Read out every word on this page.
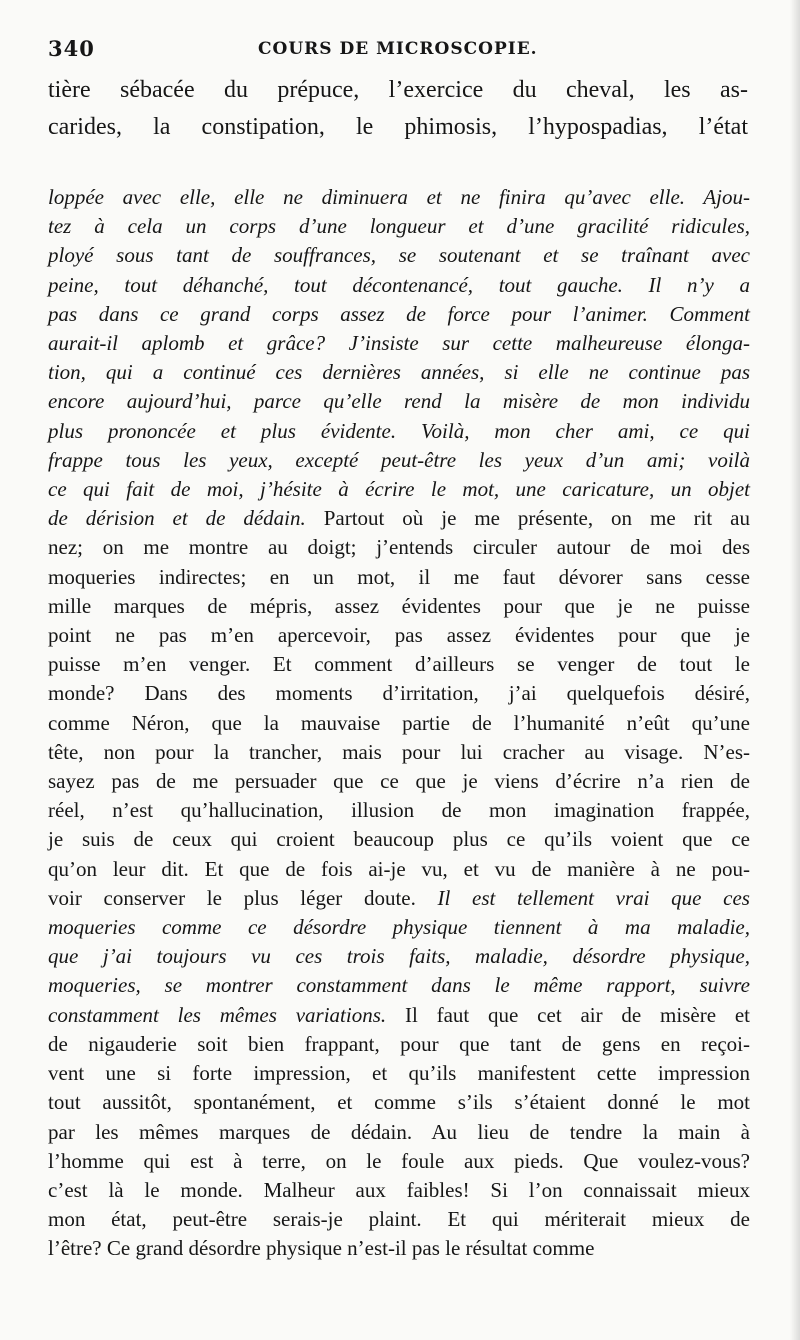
340	COURS DE MICROSCOPIE.

tière sébacée du prépuce, l’exercice du cheval, les as-
carides, la constipation, le phimosis, l’hypospadias, l’état

loppée avec elle, elle ne diminuera et ne finira qu’avec elle. Ajou-
tez à cela un corps d’une longueur et d’une gracilité ridicules,
ployé sous tant de souffrances, se soutenant et se traînant avec
peine, tout déhanché, tout décontenancé, tout gauche. Il n’y a
pas dans ce grand corps assez de force pour l’animer. Comment
aurait-il aplomb et grâce? J’insiste sur cette malheureuse élonga-
tion, qui a continué ces dernières années, si elle ne continue pas
encore aujourd’hui, parce qu’elle rend la misère de mon individu
plus prononcée et plus évidente. Voilà, mon cher ami, ce qui
frappe tous les yeux, excepté peut-être les yeux d’un ami; voilà
ce qui fait de moi, j’hésite à écrire le mot, une caricature, un objet
de dérision et de dédain. Partout où je me présente, on me rit au
nez; on me montre au doigt; j’entends circuler autour de moi des
moqueries indirectes; en un mot, il me faut dévorer sans cesse
mille marques de mépris, assez évidentes pour que je ne puisse
point ne pas m’en apercevoir, pas assez évidentes pour que je
puisse m’en venger. Et comment d’ailleurs se venger de tout le
monde? Dans des moments d’irritation, j’ai quelquefois désiré,
comme Néron, que la mauvaise partie de l’humanité n’eût qu’une
tête, non pour la trancher, mais pour lui cracher au visage. N’es-
sayez pas de me persuader que ce que je viens d’écrire n’a rien de
réel, n’est qu’hallucination, illusion de mon imagination frappée,
je suis de ceux qui croient beaucoup plus ce qu’ils voient que ce
qu’on leur dit. Et que de fois ai-je vu, et vu de manière à ne pou-
voir conserver le plus léger doute. Il est tellement vrai que ces
moqueries comme ce désordre physique tiennent à ma maladie,
que j’ai toujours vu ces trois faits, maladie, désordre physique,
moqueries, se montrer constamment dans le même rapport, suivre
constamment les mêmes variations. Il faut que cet air de misère et
de nigauderie soit bien frappant, pour que tant de gens en reçoi-
vent une si forte impression, et qu’ils manifestent cette impression
tout aussitôt, spontanément, et comme s’ils s’étaient donné le mot
par les mêmes marques de dédain. Au lieu de tendre la main à
l’homme qui est à terre, on le foule aux pieds. Que voulez-vous?
c’est là le monde. Malheur aux faibles! Si l’on connaissait mieux
mon état, peut-être serais-je plaint. Et qui mériterait mieux de
l’être? Ce grand désordre physique n’est-il pas le résultat comme
